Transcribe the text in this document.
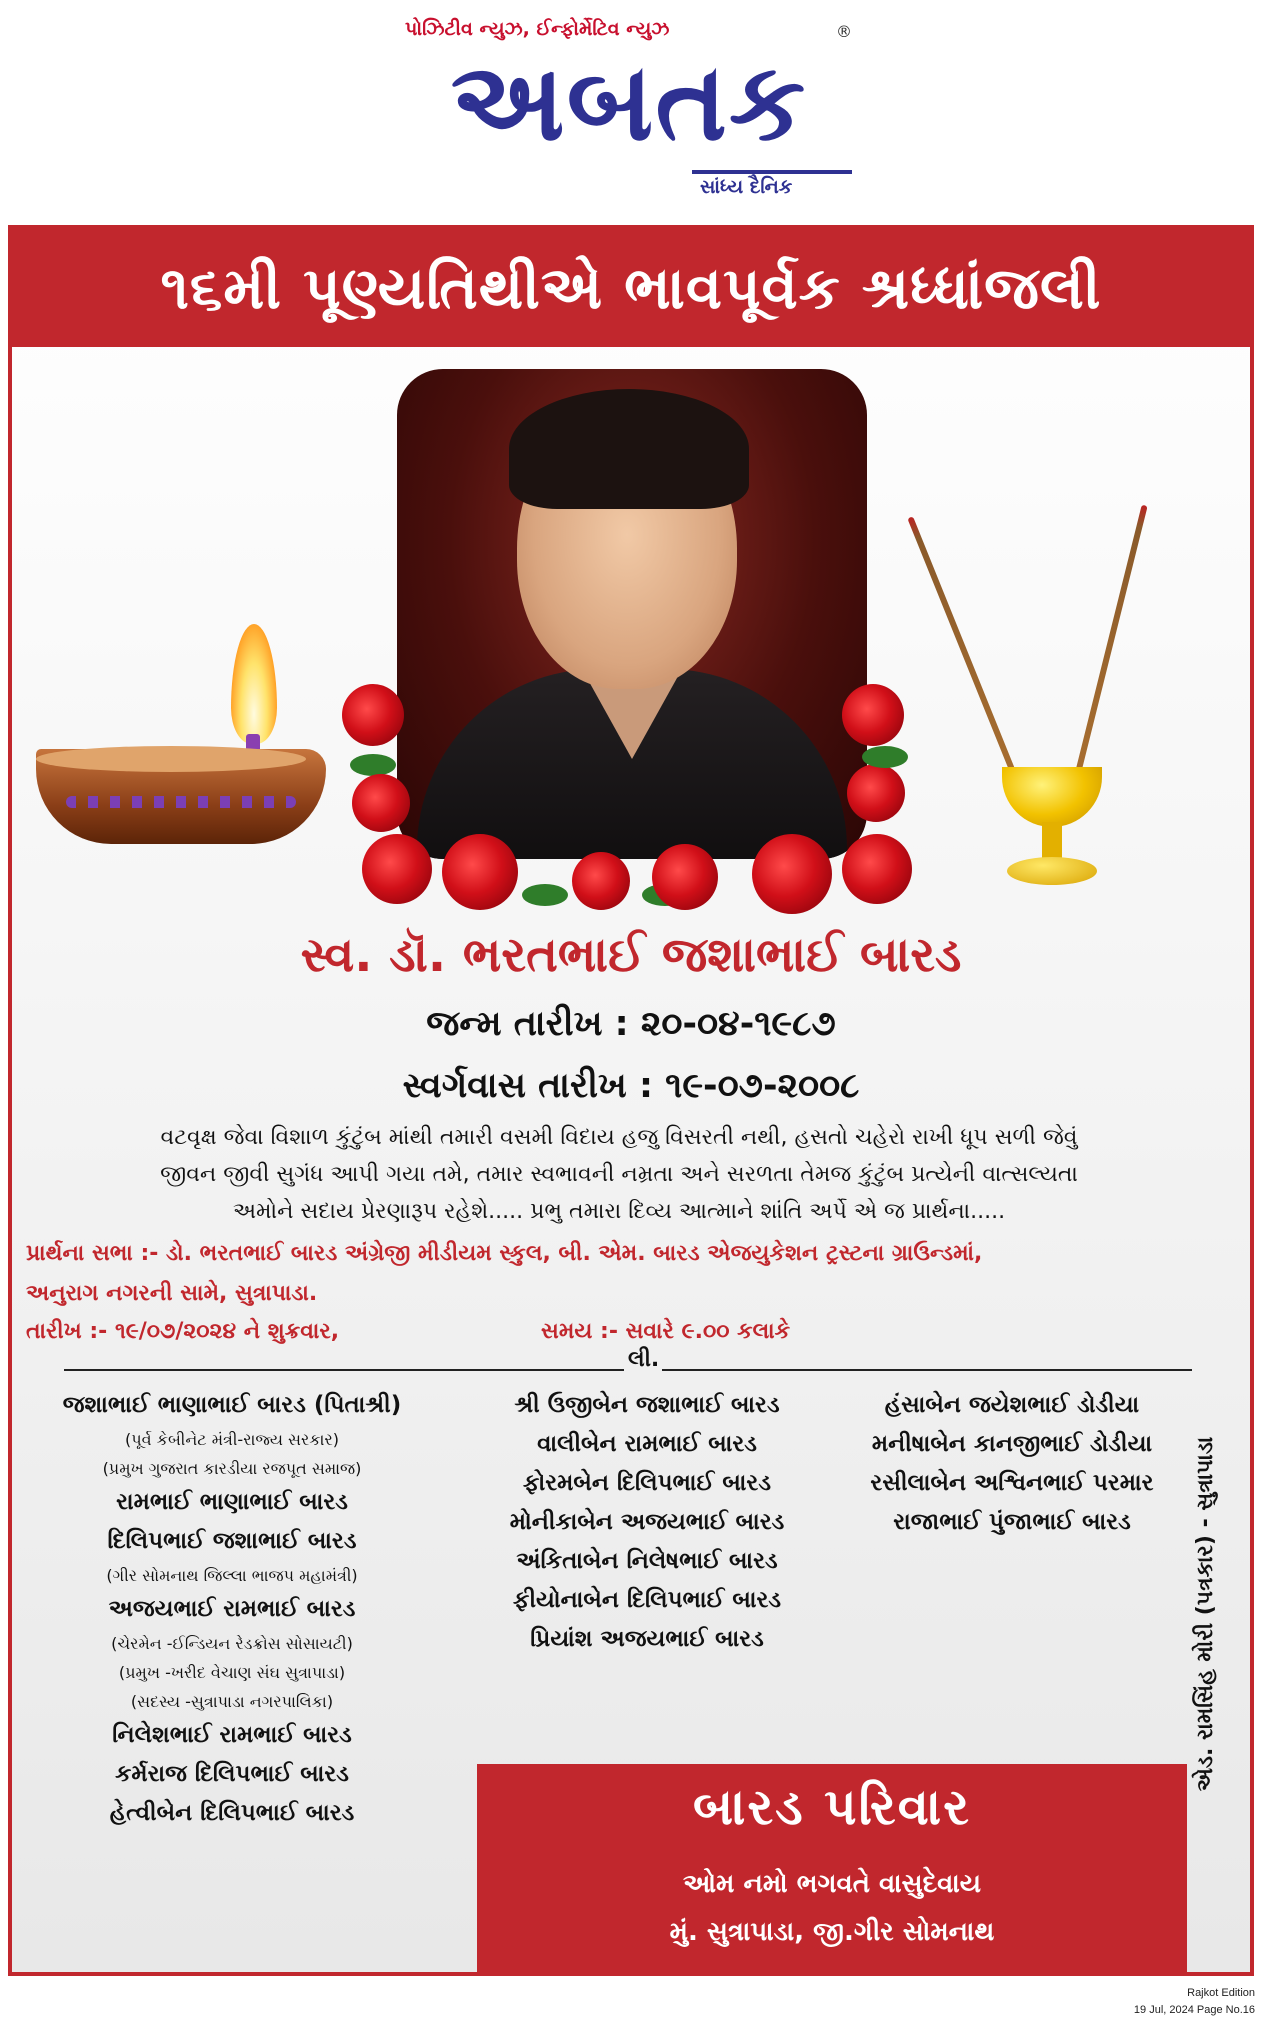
પોઝિટીવ ન્યુઝ, ઈન્ફોર્મેટિવ ન્યુઝ
અબતક
®
સાંધ્ય દૈનિક
૧૬મી પૂણ્યતિથીએ ભાવપૂર્વક શ્રધ્ધાંજલી
સ્વ. ડૉ. ભરતભાઈ જશાભાઈ બારડ
જન્મ તારીખ : ૨૦-૦૪-૧૯૮૭
સ્વર્ગવાસ તારીખ : ૧૯-૦૭-૨૦૦૮
વટવૃક્ષ જેવા વિશાળ કુંટુંબ માંથી તમારી વસમી વિદાય હજુ વિસરતી નથી, હસતો ચહેરો રાખી ધૂપ સળી જેવું
જીવન જીવી સુગંધ આપી ગયા તમે, તમાર સ્વભાવની નમ્રતા અને સરળતા તેમજ કુંટુંબ પ્રત્યેની વાત્સલ્યતા
અમોને સદાય પ્રેરણારૂપ રહેશે..... પ્રભુ તમારા દિવ્ય આત્માને શાંતિ અર્પે એ જ પ્રાર્થના.....
પ્રાર્થના સભા :- ડો. ભરતભાઈ બારડ અંગ્રેજી મીડીયમ સ્કુલ, બી. એમ. બારડ એજયુકેશન ટ્રસ્ટના ગ્રાઉન્ડમાં,
અનુરાગ નગરની સામે, સુત્રાપાડા.
તારીખ :- ૧૯/૦૭/૨૦૨૪ ને શુક્રવાર,	સમય :- સવારે ૯.૦૦ કલાકે
લી.
જશાભાઈ ભાણાભાઈ બારડ (પિતાશ્રી)
(પૂર્વ કેબીનેટ મંત્રી-રાજ્ય સરકાર)
(પ્રમુખ ગુજરાત કારડીયા રજપૂત સમાજ)
રામભાઈ ભાણાભાઈ બારડ
દિલિપભાઈ જશાભાઈ બારડ
(ગીર સોમનાથ જિલ્લા ભાજપ મહામંત્રી)
અજયભાઈ રામભાઈ બારડ
(ચેરમેન -ઈન્ડિયન રેડક્રોસ સોસાયટી)
(પ્રમુખ -ખરીદ વેચાણ સંઘ સુત્રાપાડા)
(સદસ્ય -સુત્રાપાડા નગરપાલિકા)
નિલેશભાઈ રામભાઈ બારડ
કર્મરાજ દિલિપભાઈ બારડ
હેત્વીબેન દિલિપભાઈ બારડ
શ્રી ઉજીબેન જશાભાઈ બારડ
વાલીબેન રામભાઈ બારડ
ફોરમબેન દિલિપભાઈ બારડ
મોનીકાબેન અજયભાઈ બારડ
અંકિતાબેન નિલેષભાઈ બારડ
ફીયોનાબેન દિલિપભાઈ બારડ
પ્રિયાંશ અજયભાઈ બારડ
હંસાબેન જયેશભાઈ ડોડીયા
મનીષાબેન કાનજીભાઈ ડોડીયા
રસીલાબેન અશ્વિનભાઈ પરમાર
રાજાભાઈ પુંજાભાઈ બારડ	એડ. રામસિંહ મોરી (પત્રકાર) - સુત્રાપાડા
બારડ પરિવાર
ઓમ નમો ભગવતે વાસુદેવાય
મું. સુત્રાપાડા, જી.ગીર સોમનાથ
Rajkot Edition
19 Jul, 2024 Page No.16
